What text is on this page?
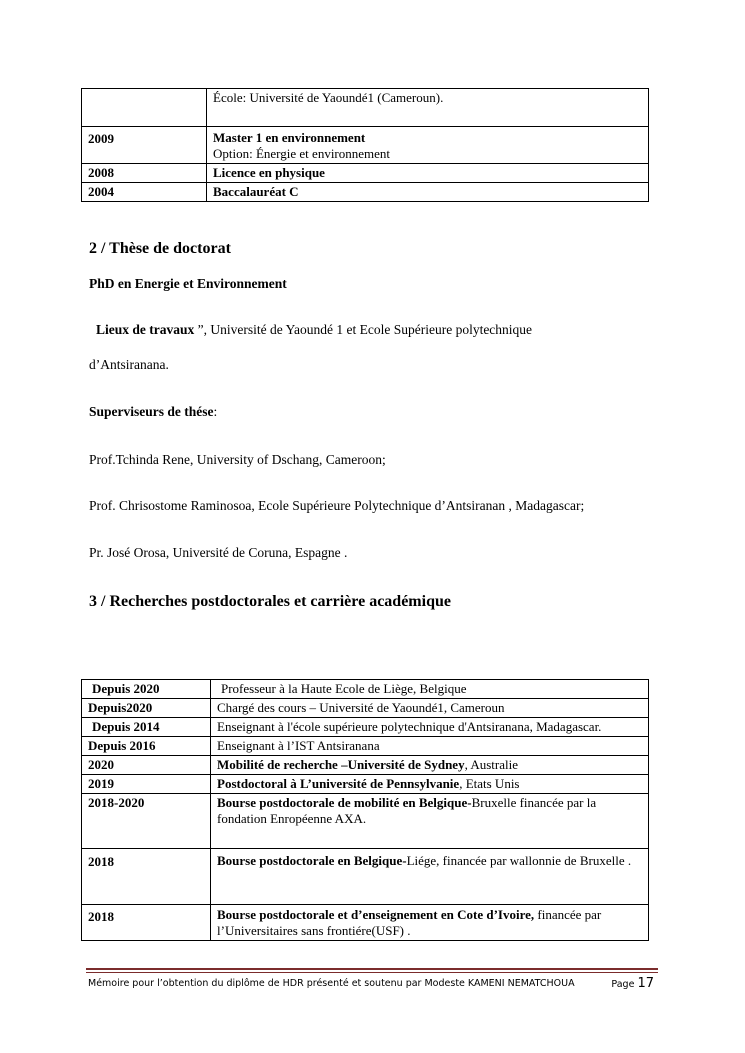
	École: Université de Yaoundé1 (Cameroun).
2009	Master 1 en environnement
Option: Énergie et environnement

2008	Licence en physique
2004	Baccalauréat C
2 / Thèse de doctorat

PhD en Energie et Environnement

Lieux de travaux ”, Université de Yaoundé 1 et Ecole Supérieure polytechnique

d’Antsiranana.

Superviseurs de thése:

Prof.Tchinda Rene, University of Dschang, Cameroon;

Prof. Chrisostome Raminosoa, Ecole Supérieure Polytechnique d’Antsiranan , Madagascar;

Pr. José Orosa, Université de Coruna, Espagne .

3 / Recherches postdoctorales et carrière académique
Depuis 2020	Professeur à la Haute Ecole de Liège, Belgique
Depuis2020	Chargé des cours – Université de Yaoundé1, Cameroun
Depuis 2014	Enseignant à l'école supérieure polytechnique d'Antsiranana, Madagascar.
Depuis 2016	Enseignant à l’IST Antsiranana
2020	Mobilité de recherche –Université de Sydney, Australie
2019	Postdoctoral à L’université de Pennsylvanie, Etats Unis
2018-2020	Bourse postdoctorale de mobilité en Belgique-Bruxelle financée par la fondation Enropéenne AXA.
2018	Bourse postdoctorale en Belgique-Liége, financée par wallonnie de Bruxelle .
2018	Bourse postdoctorale et d’enseignement en Cote d’Ivoire, financée par l’Universitaires sans frontiére(USF) .
Mémoire pour l’obtention du diplôme de HDR présenté et soutenu par Modeste KAMENI NEMATCHOUA	Page 17
